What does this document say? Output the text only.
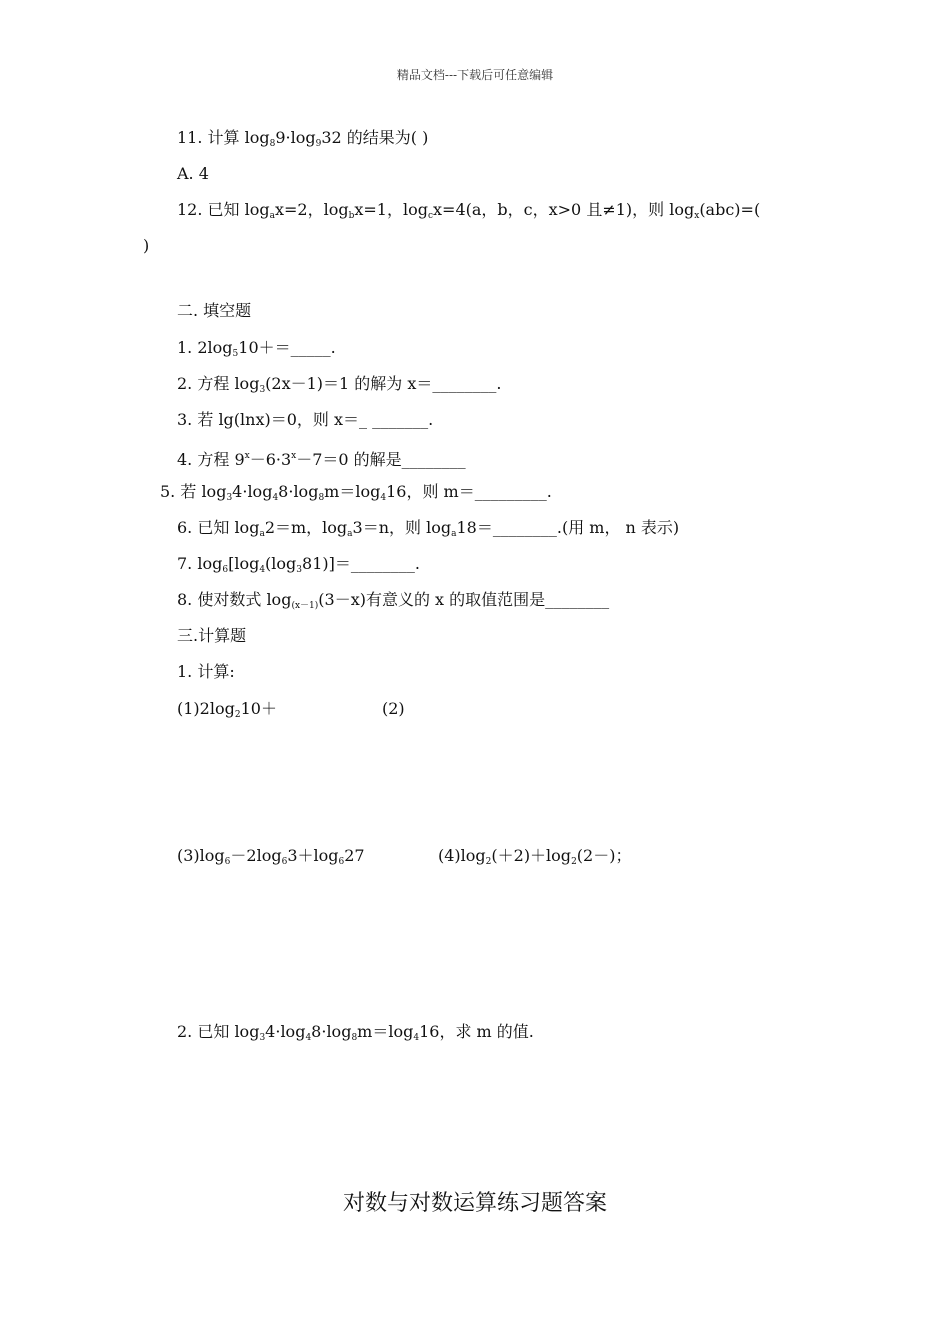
精品文档---下载后可任意编辑
11. 计算 $\log_89\cdot\log_932$ 的结果为( )
A. 4
12. 已知 $\log_ax=2$，$\log_bx=1$，$\log_cx=4(a$，b，c，x>0 且≠1)，则 $\log_x(abc)=$(
)
二. 填空题
1. $2\log_510+=\_\_\_\_\_$.
2. 方程 $\log_3(2x-1)=1$ 的解为 x＝________.
3. 若 lg(lnx)＝0，则 x＝_ _______.
4. 方程 $9^x-6\cdot 3^x-7=0$ 的解是________
5. 若 $\log_34\cdot\log_48\cdot\log_8m=\log_416$，则 m＝_________.
6. 已知 $\log_a2=m$，$\log_a3=n$，则 $\log_a18=\_\_\_\_\_\_\_\_$.(用 m， n 表示)
7. $\log_6[\log_4(\log_381)]=\_\_\_\_\_\_\_\_$.
8. 使对数式 $\log_{(x-1)}(3-x)$有意义的 x 的取值范围是________
三.计算题
1. 计算:
$(1)2\log_210+$	(2)
$(3)\log_6-2\log_63+\log_627$	$(4)\log_2(+2)+\log_2(2-)$；
2. 已知 $\log_34\cdot\log_48\cdot\log_8m=\log_416$，求 m 的值.
对数与对数运算练习题答案
